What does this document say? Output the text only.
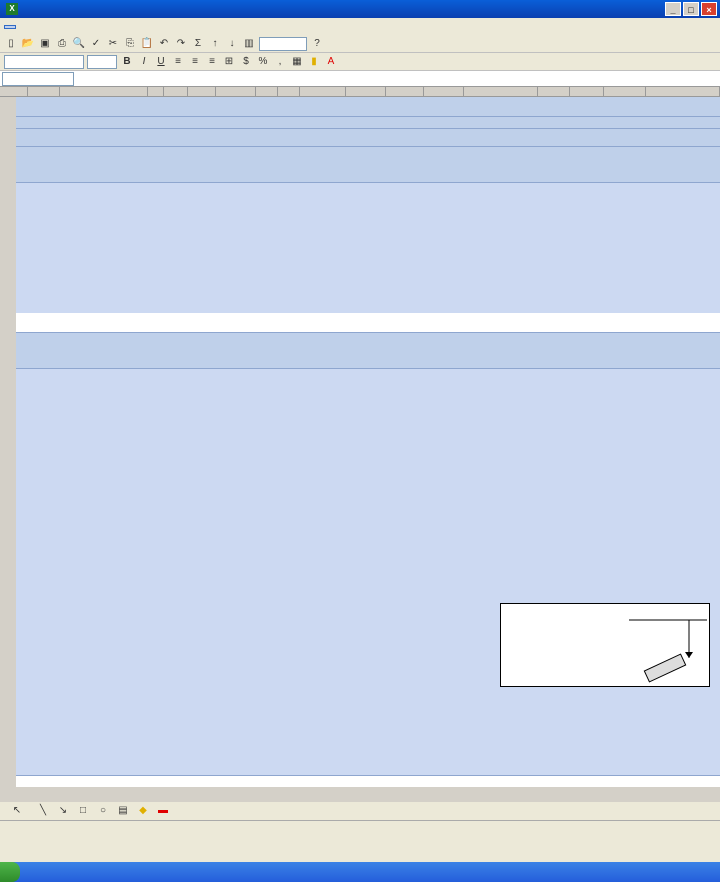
X	_	□	×
▯ 📂 ▣ ⎙ 🔍 ✓ ✂ ⎘ 📋 ↶ ↷ Σ	↑	↓ ▥	?
B	I	U	≡	≡	≡ ⊞	$ %	,	▦ ▮	A
↖	╲	↘	□	○	▤	◆	▬
